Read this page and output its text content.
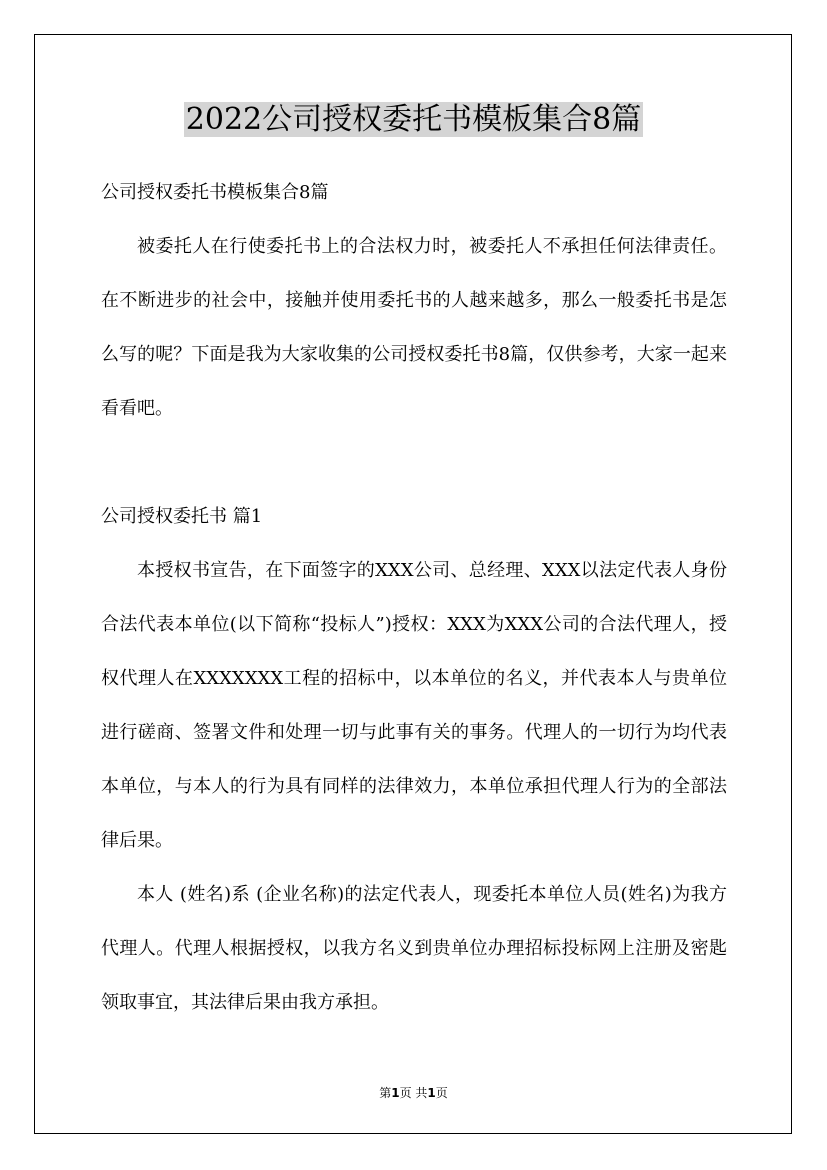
2022公司授权委托书模板集合8篇
公司授权委托书模板集合8篇

被委托人在行使委托书上的合法权力时，被委托人不承担任何法律责任。在不断进步的社会中，接触并使用委托书的人越来越多，那么一般委托书是怎么写的呢？下面是我为大家收集的公司授权委托书8篇，仅供参考，大家一起来看看吧。

公司授权委托书 篇1

本授权书宣告，在下面签字的XXX公司、总经理、XXX以法定代表人身份合法代表本单位(以下简称“投标人”)授权：XXX为XXX公司的合法代理人，授权代理人在XXXXXXX工程的招标中，以本单位的名义，并代表本人与贵单位进行磋商、签署文件和处理一切与此事有关的事务。代理人的一切行为均代表本单位，与本人的行为具有同样的法律效力，本单位承担代理人行为的全部法律后果。

本人 (姓名)系 (企业名称)的法定代表人，现委托本单位人员(姓名)为我方代理人。代理人根据授权，以我方名义到贵单位办理招标投标网上注册及密匙领取事宜，其法律后果由我方承担。

第1页 共1页
